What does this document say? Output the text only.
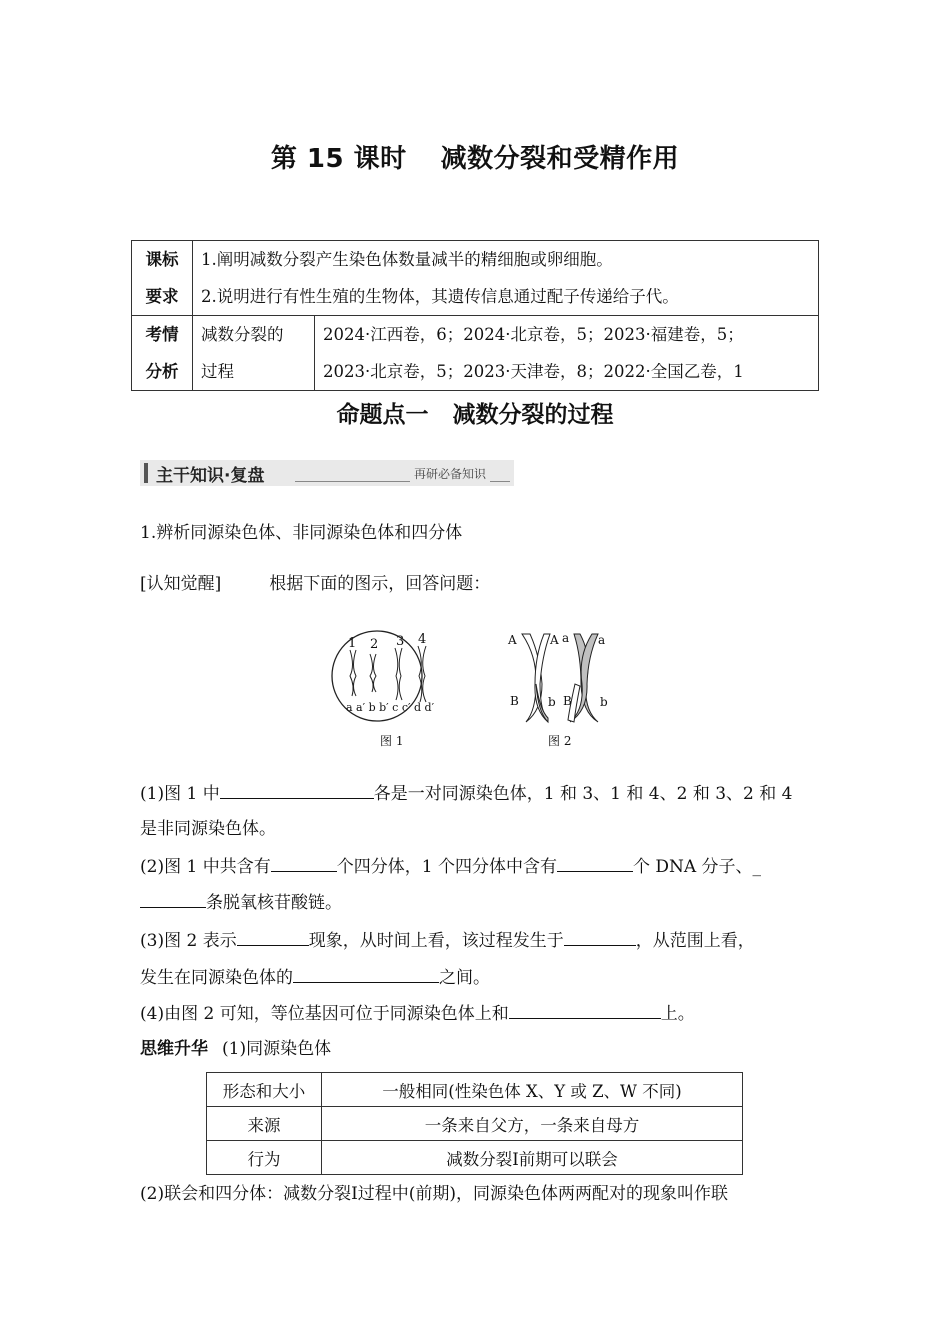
第 15 课时 减数分裂和受精作用
课标
要求	1.阐明减数分裂产生染色体数量减半的精细胞或卵细胞。
2.说明进行有性生殖的生物体，其遗传信息通过配子传递给子代。	

考情
分析	减数分裂的
过程	2024·江西卷，6；2024·北京卷，5；2023·福建卷，5；
2023·北京卷，5；2023·天津卷，8；2022·全国乙卷，1
命题点一 减数分裂的过程
主干知识·复盘	再研必备知识
1.辨析同源染色体、非同源染色体和四分体
[认知觉醒]	根据下面的图示，回答问题：
1 2 3 4
a a′ b b′ c c′ d d′
A	A a a
B b B b
图 1	图 2
(1)图 1 中	各是一对同源染色体，1 和 3、1 和 4、2 和 3、2 和 4
是非同源染色体。
(2)图 1 中共含有	个四分体，1 个四分体中含有	个 DNA 分子、_
条脱氧核苷酸链。
(3)图 2 表示	现象，从时间上看，该过程发生于	，从范围上看，
发生在同源染色体的	之间。
(4)由图 2 可知，等位基因可位于同源染色体上和	上。
思维升华 (1)同源染色体
形态和大小	一般相同(性染色体 X、Y 或 Z、W 不同)
来源	一条来自父方，一条来自母方
行为	减数分裂Ⅰ前期可以联会
(2)联会和四分体：减数分裂Ⅰ过程中(前期)，同源染色体两两配对的现象叫作联
